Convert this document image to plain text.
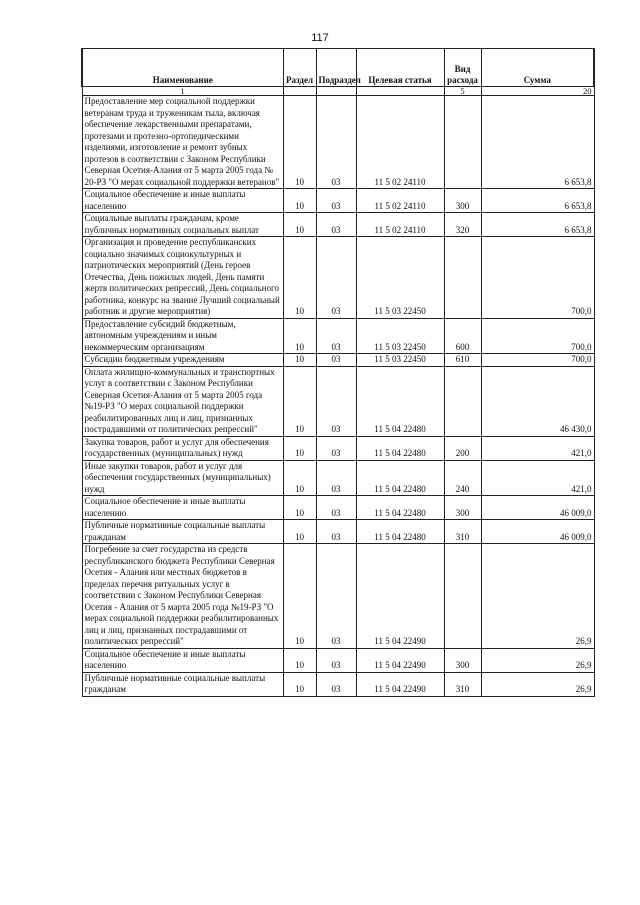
117
Наименование	Раздел	Подраздел	Целевая статья	Вид расхода	Сумма
1				5	20
Предоставление мер социальной поддержки ветеранам труда и труженикам тыла, включая обеспечение лекарственными препаратами, протезами и протезно-ортопедическими изделиями, изготовление и ремонт зубных протезов в соответствии с Законом Республики Северная Осетия-Алания от 5 марта 2005 года № 20-РЗ "О мерах социальной поддержки ветеранов"	10	03	11 5 02 24110		6 653,8
Социальное обеспечение и иные выплаты населению	10	03	11 5 02 24110	300	6 653,8
Социальные выплаты гражданам, кроме публичных нормативных социальных выплат	10	03	11 5 02 24110	320	6 653,8
Организация и проведение республиканских социально значимых социокультурных и патриотических мероприятий (День героев Отечества, День пожилых людей, День памяти жертв политических репрессий, День социального работника, конкурс на звание Лучший социальный работник и другие мероприятия)	10	03	11 5 03 22450		700,0
Предоставление субсидий бюджетным, автономным учреждениям и иным некоммерческим организациям	10	03	11 5 03 22450	600	700,0
Субсидии бюджетным учреждениям	10	03	11 5 03 22450	610	700,0
Оплата жилищно-коммунальных и транспортных услуг в соответствии с Законом Республики Северная Осетия-Алания от 5 марта 2005 года №19-РЗ "О мерах социальной поддержки реабилитированных лиц и лиц, признанных пострадавшими от политических репрессий"	10	03	11 5 04 22480		46 430,0
Закупка товаров, работ и услуг для обеспечения государственных (муниципальных) нужд	10	03	11 5 04 22480	200	421,0
Иные закупки товаров, работ и услуг для обеспечения государственных (муниципальных) нужд	10	03	11 5 04 22480	240	421,0
Социальное обеспечение и иные выплаты населению	10	03	11 5 04 22480	300	46 009,0
Публичные нормативные социальные выплаты гражданам	10	03	11 5 04 22480	310	46 009,0
Погребение за счет государства из средств республиканского бюджета Республики Северная Осетия - Алания или местных бюджетов в пределах перечня ритуальных услуг в соответствии с Законом Республики Северная Осетия - Алания от 5 марта 2005 года №19-РЗ "О мерах социальной поддержки реабилитированных лиц и лиц, признанных пострадавшими от политических репрессий"	10	03	11 5 04 22490		26,9
Социальное обеспечение и иные выплаты населению	10	03	11 5 04 22490	300	26,9
Публичные нормативные социальные выплаты гражданам	10	03	11 5 04 22490	310	26,9
